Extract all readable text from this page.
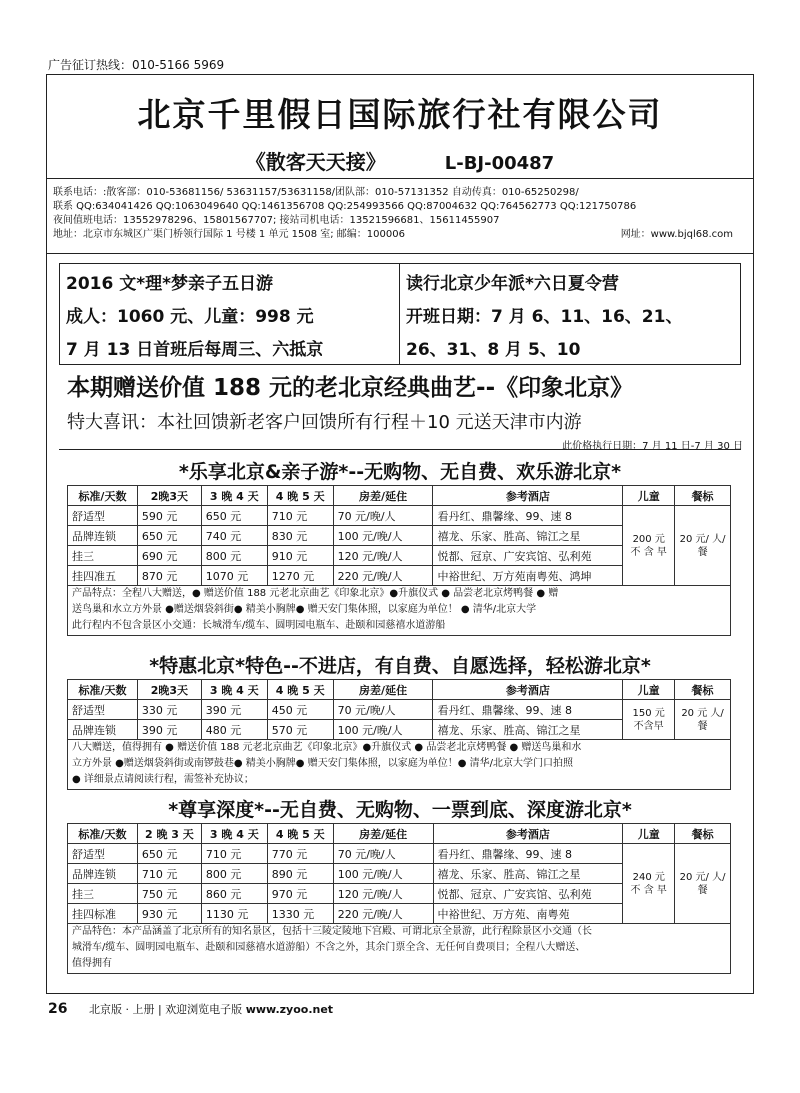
广告征订热线：010-5166 5969
北京千里假日国际旅行社有限公司
《散客天天接》	L-BJ-00487
联系电话：:散客部：010-53681156/ 53631157/53631158/团队部：010-57131352 自动传真：010-65250298/
联系 QQ:634041426 QQ:1063049640 QQ:1461356708 QQ:254993566 QQ:87004632 QQ:764562773 QQ:121750786
夜间值班电话：13552978296、15801567707; 接站司机电话：13521596681、15611455907
地址：北京市东城区广渠门桥领行国际 1 号楼 1 单元 1508 室; 邮编：100006	网址：www.bjql68.com
2016 文*理*梦亲子五日游
成人：1060 元、儿童：998 元
7 月 13 日首班后每周三、六抵京
读行北京少年派*六日夏令营
开班日期：7 月 6、11、16、21、
26、31、8 月 5、10
本期赠送价值 188 元的老北京经典曲艺--《印象北京》
特大喜讯：本社回馈新老客户回馈所有行程＋10 元送天津市内游
此价格执行日期：7 月 11 日-7 月 30 日
*乐享北京&亲子游*--无购物、无自费、欢乐游北京*
标准/天数	2晚3天	3 晚 4 天	4 晚 5 天	房差/延住	参考酒店	儿童	餐标
舒适型	590 元	650 元	710 元	70 元/晚/人	看丹红、鼎馨缘、99、速 8	200 元 不 含 早	20 元/ 人/餐
品牌连锁	650 元	740 元	830 元	100 元/晚/人	禧龙、乐家、胜高、锦江之星		
挂三	690 元	800 元	910 元	120 元/晚/人	悦都、冠京、广安宾馆、弘利苑		
挂四准五	870 元	1070 元	1270 元	220 元/晚/人	中裕世纪、万方苑南粤苑、鸿坤		
产品特点：全程八大赠送，● 赠送价值 188 元老北京曲艺《印象北京》●升旗仪式 ● 品尝老北京烤鸭餐 ● 赠
送鸟巢和水立方外景 ●赠送烟袋斜街● 精美小胸牌● 赠天安门集体照，以家庭为单位！ ● 清华/北京大学
此行程内不包含景区小交通：长城滑车/缆车、圆明园电瓶车、赴颐和园慈禧水道游船
*特惠北京*特色--不进店，有自费、自愿选择，轻松游北京*
标准/天数	2晚3天	3 晚 4 天	4 晚 5 天	房差/延住	参考酒店	儿童	餐标
舒适型	330 元	390 元	450 元	70 元/晚/人	看丹红、鼎馨缘、99、速 8	150 元 不含早	20 元 人/餐
品牌连锁	390 元	480 元	570 元	100 元/晚/人	禧龙、乐家、胜高、锦江之星		
八大赠送，值得拥有 ● 赠送价值 188 元老北京曲艺《印象北京》●升旗仪式 ● 品尝老北京烤鸭餐 ● 赠送鸟巢和水
立方外景 ●赠送烟袋斜街或南锣鼓巷● 精美小胸牌● 赠天安门集体照，以家庭为单位！● 清华/北京大学门口拍照
● 详细景点请阅读行程，需签补充协议；
*尊享深度*--无自费、无购物、一票到底、深度游北京*
标准/天数	2 晚 3 天	3 晚 4 天	4 晚 5 天	房差/延住	参考酒店	儿童	餐标
舒适型	650 元	710 元	770 元	70 元/晚/人	看丹红、鼎馨缘、99、速 8	240 元 不 含 早	20 元/ 人/餐
品牌连锁	710 元	800 元	890 元	100 元/晚/人	禧龙、乐家、胜高、锦江之星		
挂三	750 元	860 元	970 元	120 元/晚/人	悦都、冠京、广安宾馆、弘利苑		
挂四标准	930 元	1130 元	1330 元	220 元/晚/人	中裕世纪、万方苑、南粤苑		
产品特色：本产品涵盖了北京所有的知名景区，包括十三陵定陵地下宫殿、可谓北京全景游，此行程除景区小交通（长
城滑车/缆车、圆明园电瓶车、赴颐和园慈禧水道游船）不含之外，其余门票全含、无任何自费项目；全程八大赠送、
值得拥有
26 北京版 · 上册 | 欢迎浏览电子版 www.zyoo.net
